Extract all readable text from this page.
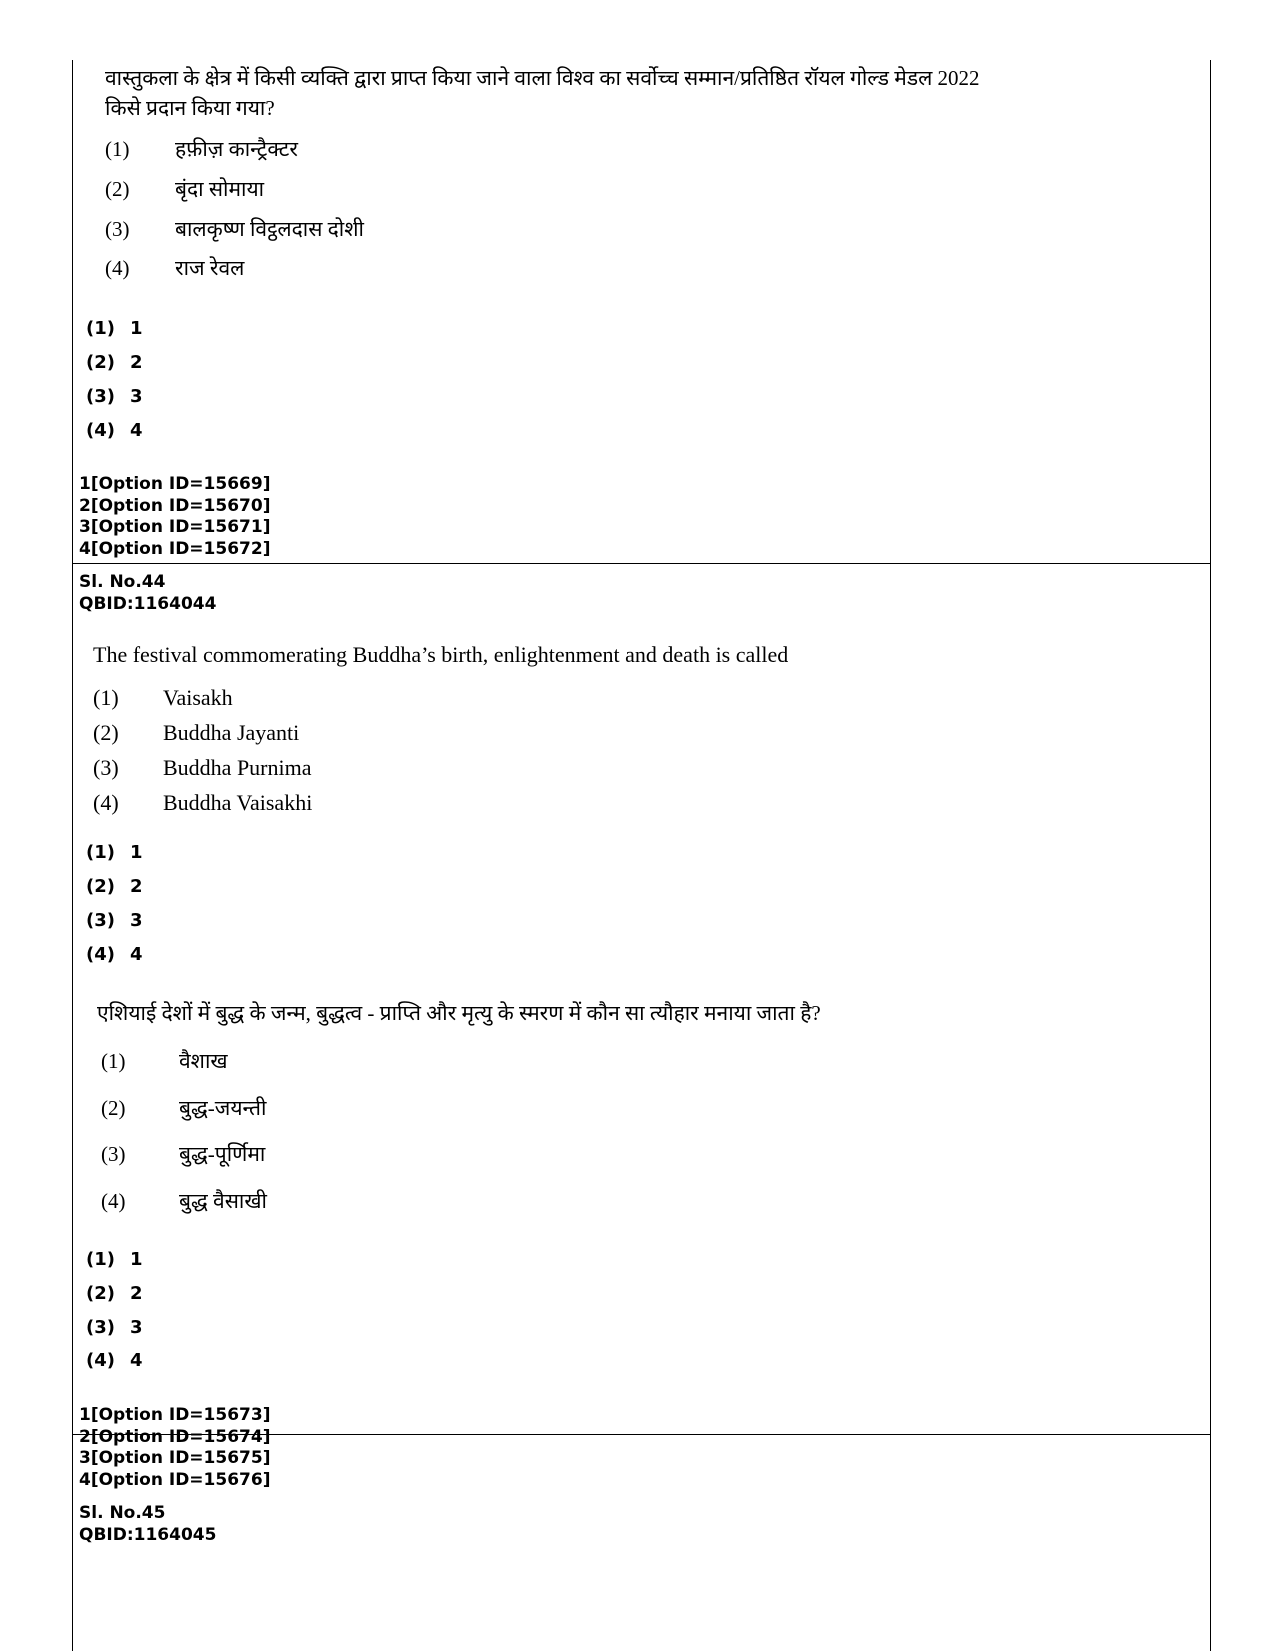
वास्तुकला के क्षेत्र में किसी व्यक्ति द्वारा प्राप्त किया जाने वाला विश्व का सर्वोच्च सम्मान/प्रतिष्ठित रॉयल गोल्ड मेडल 2022
किसे प्रदान किया गया?
(1) हफ़ीज़ कान्ट्रैक्टर
(2) बृंदा सोमाया
(3) बालकृष्ण विट्ठलदास दोशी
(4) राज रेवल
(1) 1
(2) 2
(3) 3
(4) 4
1[Option ID=15669]
2[Option ID=15670]
3[Option ID=15671]
4[Option ID=15672]
Sl. No.44
QBID:1164044
The festival commomerating Buddha’s birth, enlightenment and death is called
(1) Vaisakh
(2) Buddha Jayanti
(3) Buddha Purnima
(4) Buddha Vaisakhi
(1) 1
(2) 2
(3) 3
(4) 4
एशियाई देशों में बुद्ध के जन्म, बुद्धत्व - प्राप्ति और मृत्यु के स्मरण में कौन सा त्यौहार मनाया जाता है?
(1)	वैशाख
(2)	बुद्ध-जयन्ती
(3)	बुद्ध-पूर्णिमा
(4)	बुद्ध वैसाखी
(1) 1
(2) 2
(3) 3
(4) 4
1[Option ID=15673]
2[Option ID=15674]
3[Option ID=15675]
4[Option ID=15676]
Sl. No.45
QBID:1164045
